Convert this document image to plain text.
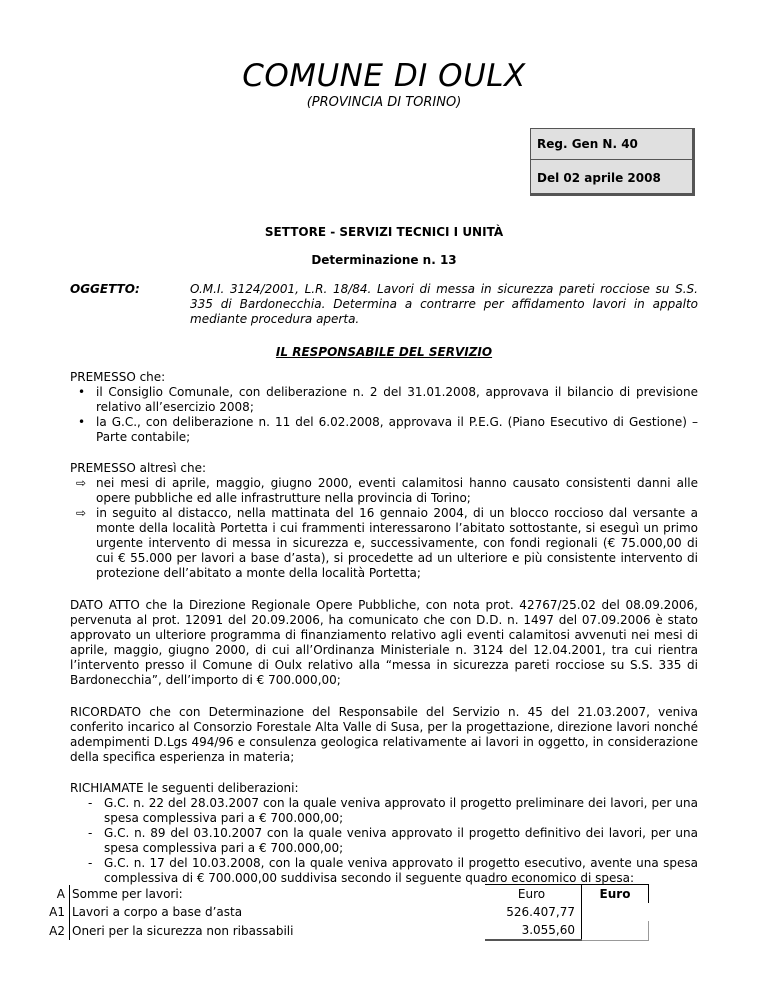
COMUNE DI OULX
(PROVINCIA DI TORINO)
Reg. Gen N. 40
Del 02 aprile 2008
SETTORE - SERVIZI TECNICI I UNITÀ
Determinazione n. 13
OGGETTO:	O.M.I. 3124/2001, L.R. 18/84. Lavori di messa in sicurezza pareti rocciose su S.S. 335 di Bardonecchia. Determina a contrarre per affidamento lavori in appalto mediante procedura aperta.
IL RESPONSABILE DEL SERVIZIO
PREMESSO che:
• il Consiglio Comunale, con deliberazione n. 2 del 31.01.2008, approvava il bilancio di previsione relativo all’esercizio 2008;
• la G.C., con deliberazione n. 11 del 6.02.2008, approvava il P.E.G. (Piano Esecutivo di Gestione) – Parte contabile;
PREMESSO altresì che:
⇨ nei mesi di aprile, maggio, giugno 2000, eventi calamitosi hanno causato consistenti danni alle opere pubbliche ed alle infrastrutture nella provincia di Torino;
⇨ in seguito al distacco, nella mattinata del 16 gennaio 2004, di un blocco roccioso dal versante a monte della località Portetta i cui frammenti interessarono l’abitato sottostante, si eseguì un primo urgente intervento di messa in sicurezza e, successivamente, con fondi regionali (€ 75.000,00 di cui € 55.000 per lavori a base d’asta), si procedette ad un ulteriore e più consistente intervento di protezione dell’abitato a monte della località Portetta;
DATO ATTO che la Direzione Regionale Opere Pubbliche, con nota prot. 42767/25.02 del 08.09.2006, pervenuta al prot. 12091 del 20.09.2006, ha comunicato che con D.D. n. 1497 del 07.09.2006 è stato approvato un ulteriore programma di finanziamento relativo agli eventi calamitosi avvenuti nei mesi di aprile, maggio, giugno 2000, di cui all’Ordinanza Ministeriale n. 3124 del 12.04.2001, tra cui rientra l’intervento presso il Comune di Oulx relativo alla “messa in sicurezza pareti rocciose su S.S. 335 di Bardonecchia”, dell’importo di € 700.000,00;
RICORDATO che con Determinazione del Responsabile del Servizio n. 45 del 21.03.2007, veniva conferito incarico al Consorzio Forestale Alta Valle di Susa, per la progettazione, direzione lavori nonché adempimenti D.Lgs 494/96 e consulenza geologica relativamente ai lavori in oggetto, in considerazione della specifica esperienza in materia;
RICHIAMATE le seguenti deliberazioni:
- G.C. n. 22 del 28.03.2007 con la quale veniva approvato il progetto preliminare dei lavori, per una spesa complessiva pari a € 700.000,00;
- G.C. n. 89 del 03.10.2007 con la quale veniva approvato il progetto definitivo dei lavori, per una spesa complessiva pari a € 700.000,00;
- G.C. n. 17 del 10.03.2008, con la quale veniva approvato il progetto esecutivo, avente una spesa complessiva di € 700.000,00 suddivisa secondo il seguente quadro economico di spesa:
A	Somme per lavori:	Euro	Euro
A1	Lavori a corpo a base d’asta	526.407,77	

A2	Oneri per la sicurezza non ribassabili	3.055,60	
